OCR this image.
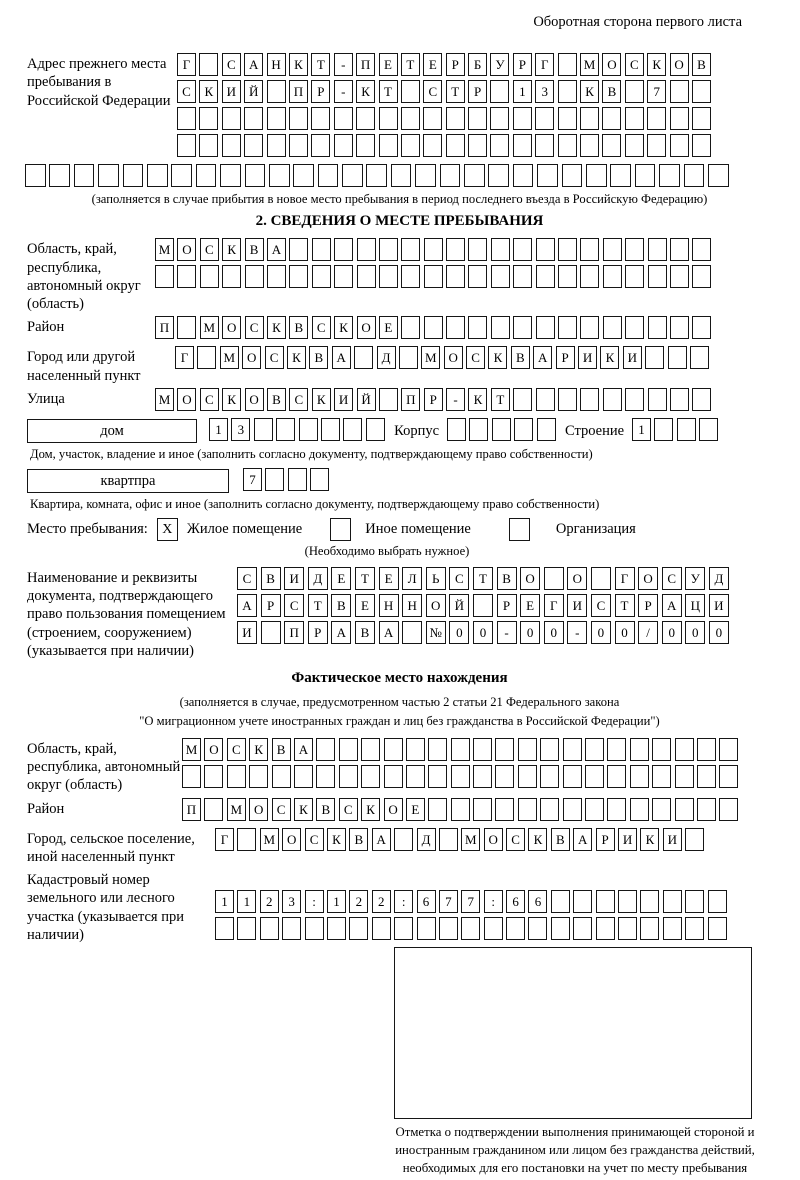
Оборотная сторона первого листа
Адрес прежнего места пребывания в Российской Федерации
Г	С А Н К Т - П Е Т Е Р Б У Р Г	М О С К О В
С К И Й	П Р - К Т	С Т Р	1 3	К В	7
(заполняется в случае прибытия в новое место пребывания в период последнего въезда в Российскую Федерацию)
2. СВЕДЕНИЯ О МЕСТЕ ПРЕБЫВАНИЯ
Область, край, республика, автономный округ (область)
М О С К В А
Район	П	М О С К В С К О Е
Город или другой населенный пункт
Г	М О С К В А	Д	М О С К В А Р И К И
Улица	М О С К О В С К И Й	П Р - К Т
дом	1 3	Корпус	Строение	1
Дом, участок, владение и иное (заполнить согласно документу, подтверждающему право собственности)
квартпра	7
Квартира, комната, офис и иное (заполнить согласно документу, подтверждающему право собственности)
Место пребывания:	X Жилое помещение	Иное помещение	Организация
(Необходимо выбрать нужное)
Наименование и реквизиты документа, подтверждающего право пользования помещением (строением, сооружением) (указывается при наличии)
С В И Д Е Т Е Л Ь С Т В О	О	Г О С У Д
А Р С Т В Е Н Н О Й	Р Е Г И С Т Р А Ц И
И	П Р А В А	№ 0 0 - 0 0 - 0 0 / 0 0 0
Фактическое место нахождения
(заполняется в случае, предусмотренном частью 2 статьи 21 Федерального закона
"О миграционном учете иностранных граждан и лиц без гражданства в Российской Федерации")
Область, край, республика, автономный округ (область)
М О С К В А
Район	П	М О С К В С К О Е
Город, сельское поселение, иной населенный пункт
Г	М О С К В А	Д	М О С К В А Р И К И
Кадастровый номер земельного или лесного участка (указывается при наличии)
1 1 2 3 : 1 2 2 : 6 7 7 : 6 6
Отметка о подтверждении выполнения принимающей стороной и иностранным гражданином или лицом без гражданства действий, необходимых для его постановки на учет по месту пребывания
